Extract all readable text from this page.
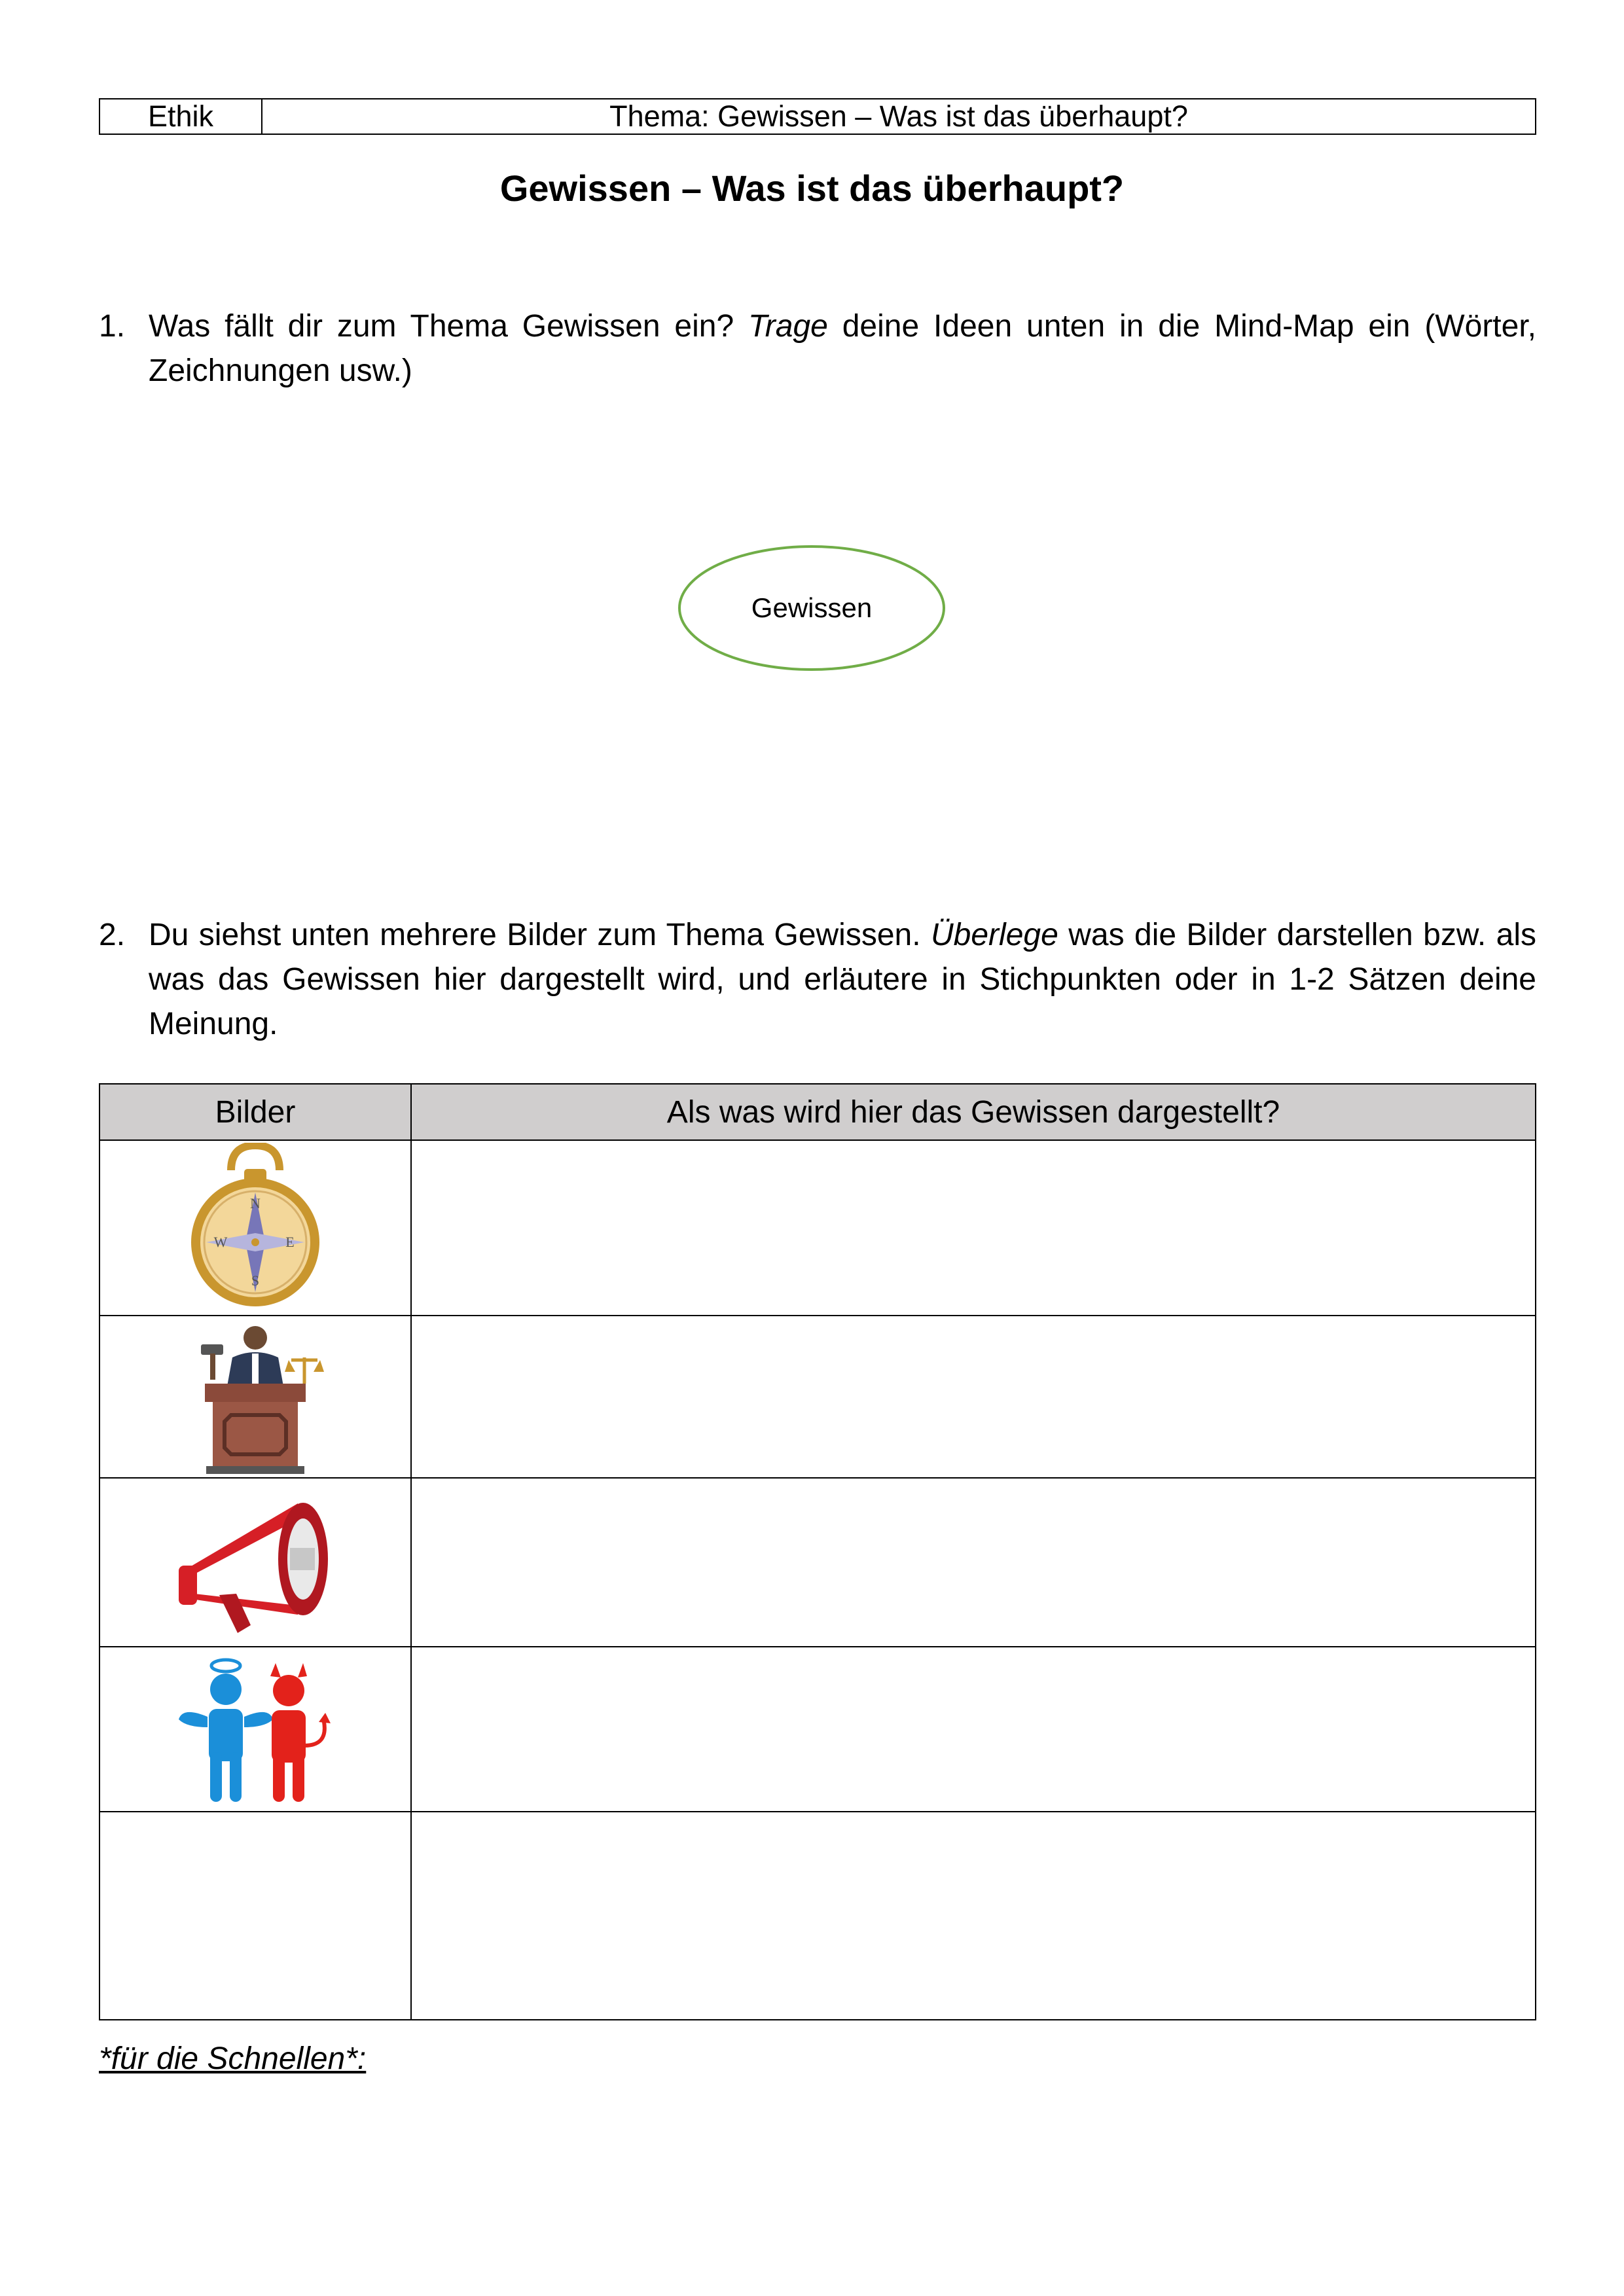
Ethik	Thema: Gewissen – Was ist das überhaupt?
Gewissen – Was ist das überhaupt?
1. Was fällt dir zum Thema Gewissen ein? Trage deine Ideen unten in die Mind-Map ein (Wörter, Zeichnungen usw.)
Gewissen
2. Du siehst unten mehrere Bilder zum Thema Gewissen. Überlege was die Bilder darstellen bzw. als was das Gewissen hier dargestellt wird, und erläutere in Stichpunkten oder in 1-2 Sätzen deine Meinung.
Bilder	Als was wird hier das Gewissen dargestellt?

N
E
S
W	

*für die Schnellen*:
